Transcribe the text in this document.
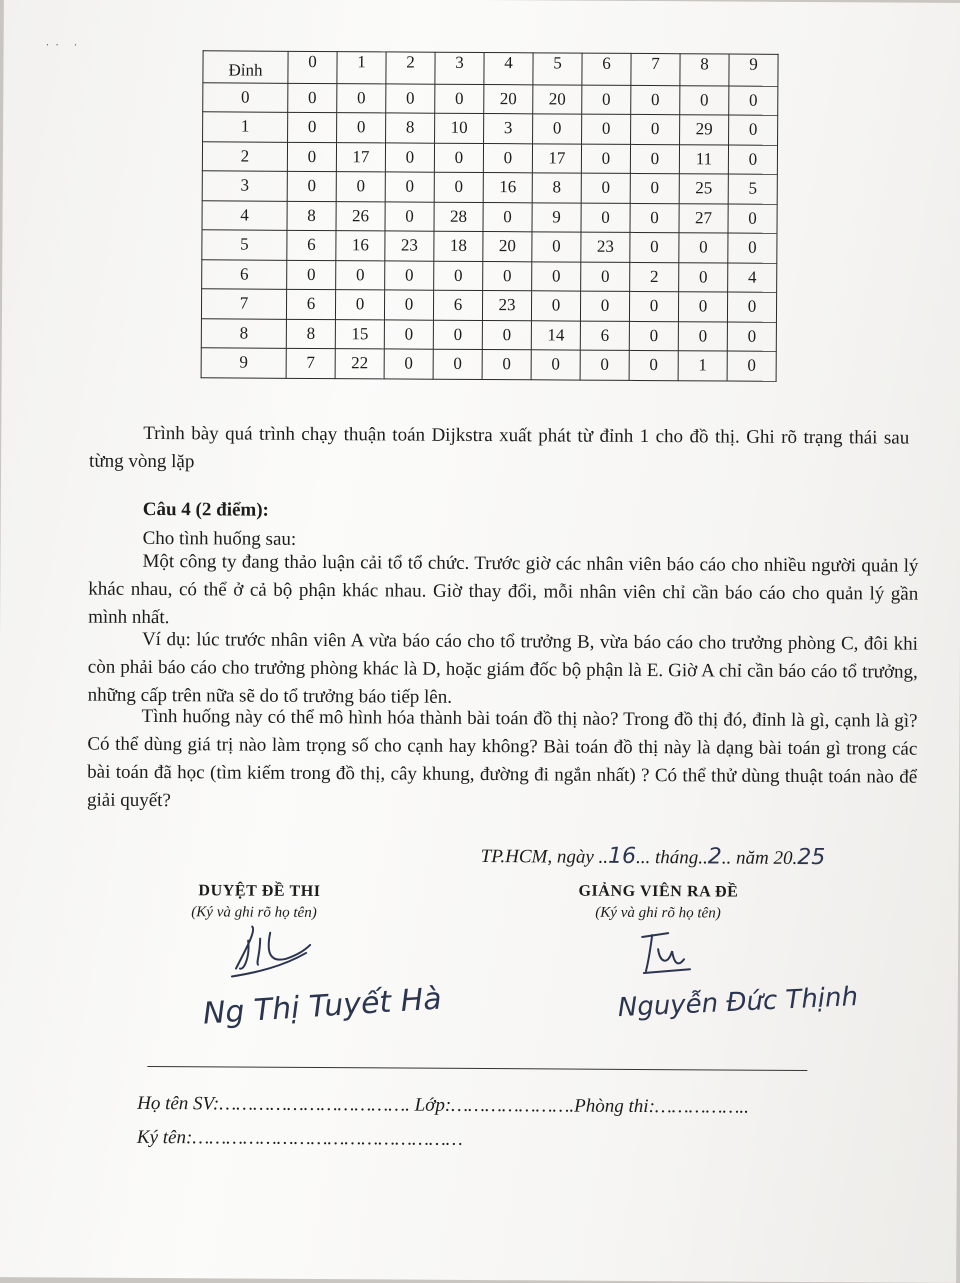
·· ·
Đỉnh	0	1	2	3	4	5	6	7	8	9
0	0	0	0	0	20	20	0	0	0	0
1	0	0	8	10	3	0	0	0	29	0
2	0	17	0	0	0	17	0	0	11	0
3	0	0	0	0	16	8	0	0	25	5
4	8	26	0	28	0	9	0	0	27	0
5	6	16	23	18	20	0	23	0	0	0
6	0	0	0	0	0	0	0	2	0	4
7	6	0	0	6	23	0	0	0	0	0
8	8	15	0	0	0	14	6	0	0	0
9	7	22	0	0	0	0	0	0	1	0

Trình bày quá trình chạy thuận toán Dijkstra xuất phát từ đỉnh 1 cho đồ thị. Ghi rõ trạng thái sau từng vòng lặp

Câu 4 (2 điểm):

Cho tình huống sau:

Một công ty đang thảo luận cải tổ tổ chức. Trước giờ các nhân viên báo cáo cho nhiều người quản lý khác nhau, có thể ở cả bộ phận khác nhau. Giờ thay đổi, mỗi nhân viên chỉ cần báo cáo cho quản lý gần mình nhất.

Ví dụ: lúc trước nhân viên A vừa báo cáo cho tổ trưởng B, vừa báo cáo cho trưởng phòng C, đôi khi còn phải báo cáo cho trưởng phòng khác là D, hoặc giám đốc bộ phận là E. Giờ A chỉ cần báo cáo tổ trưởng, những cấp trên nữa sẽ do tổ trưởng báo tiếp lên.

Tình huống này có thể mô hình hóa thành bài toán đồ thị nào? Trong đồ thị đó, đỉnh là gì, cạnh là gì? Có thể dùng giá trị nào làm trọng số cho cạnh hay không? Bài toán đồ thị này là dạng bài toán gì trong các bài toán đã học (tìm kiếm trong đồ thị, cây khung, đường đi ngắn nhất) ? Có thể thử dùng thuật toán nào để giải quyết?

TP.HCM, ngày ..16... tháng..2.. năm 20.25
DUYỆT ĐỀ THI
(Ký và ghi rõ họ tên)
GIẢNG VIÊN RA ĐỀ
(Ký và ghi rõ họ tên)
Ng Thị Tuyết Hà	Nguyễn Đức Thịnh
Họ tên SV:……………………………. Lớp:………………….Phòng thi:……………..
Ký tên:…………………………………………
